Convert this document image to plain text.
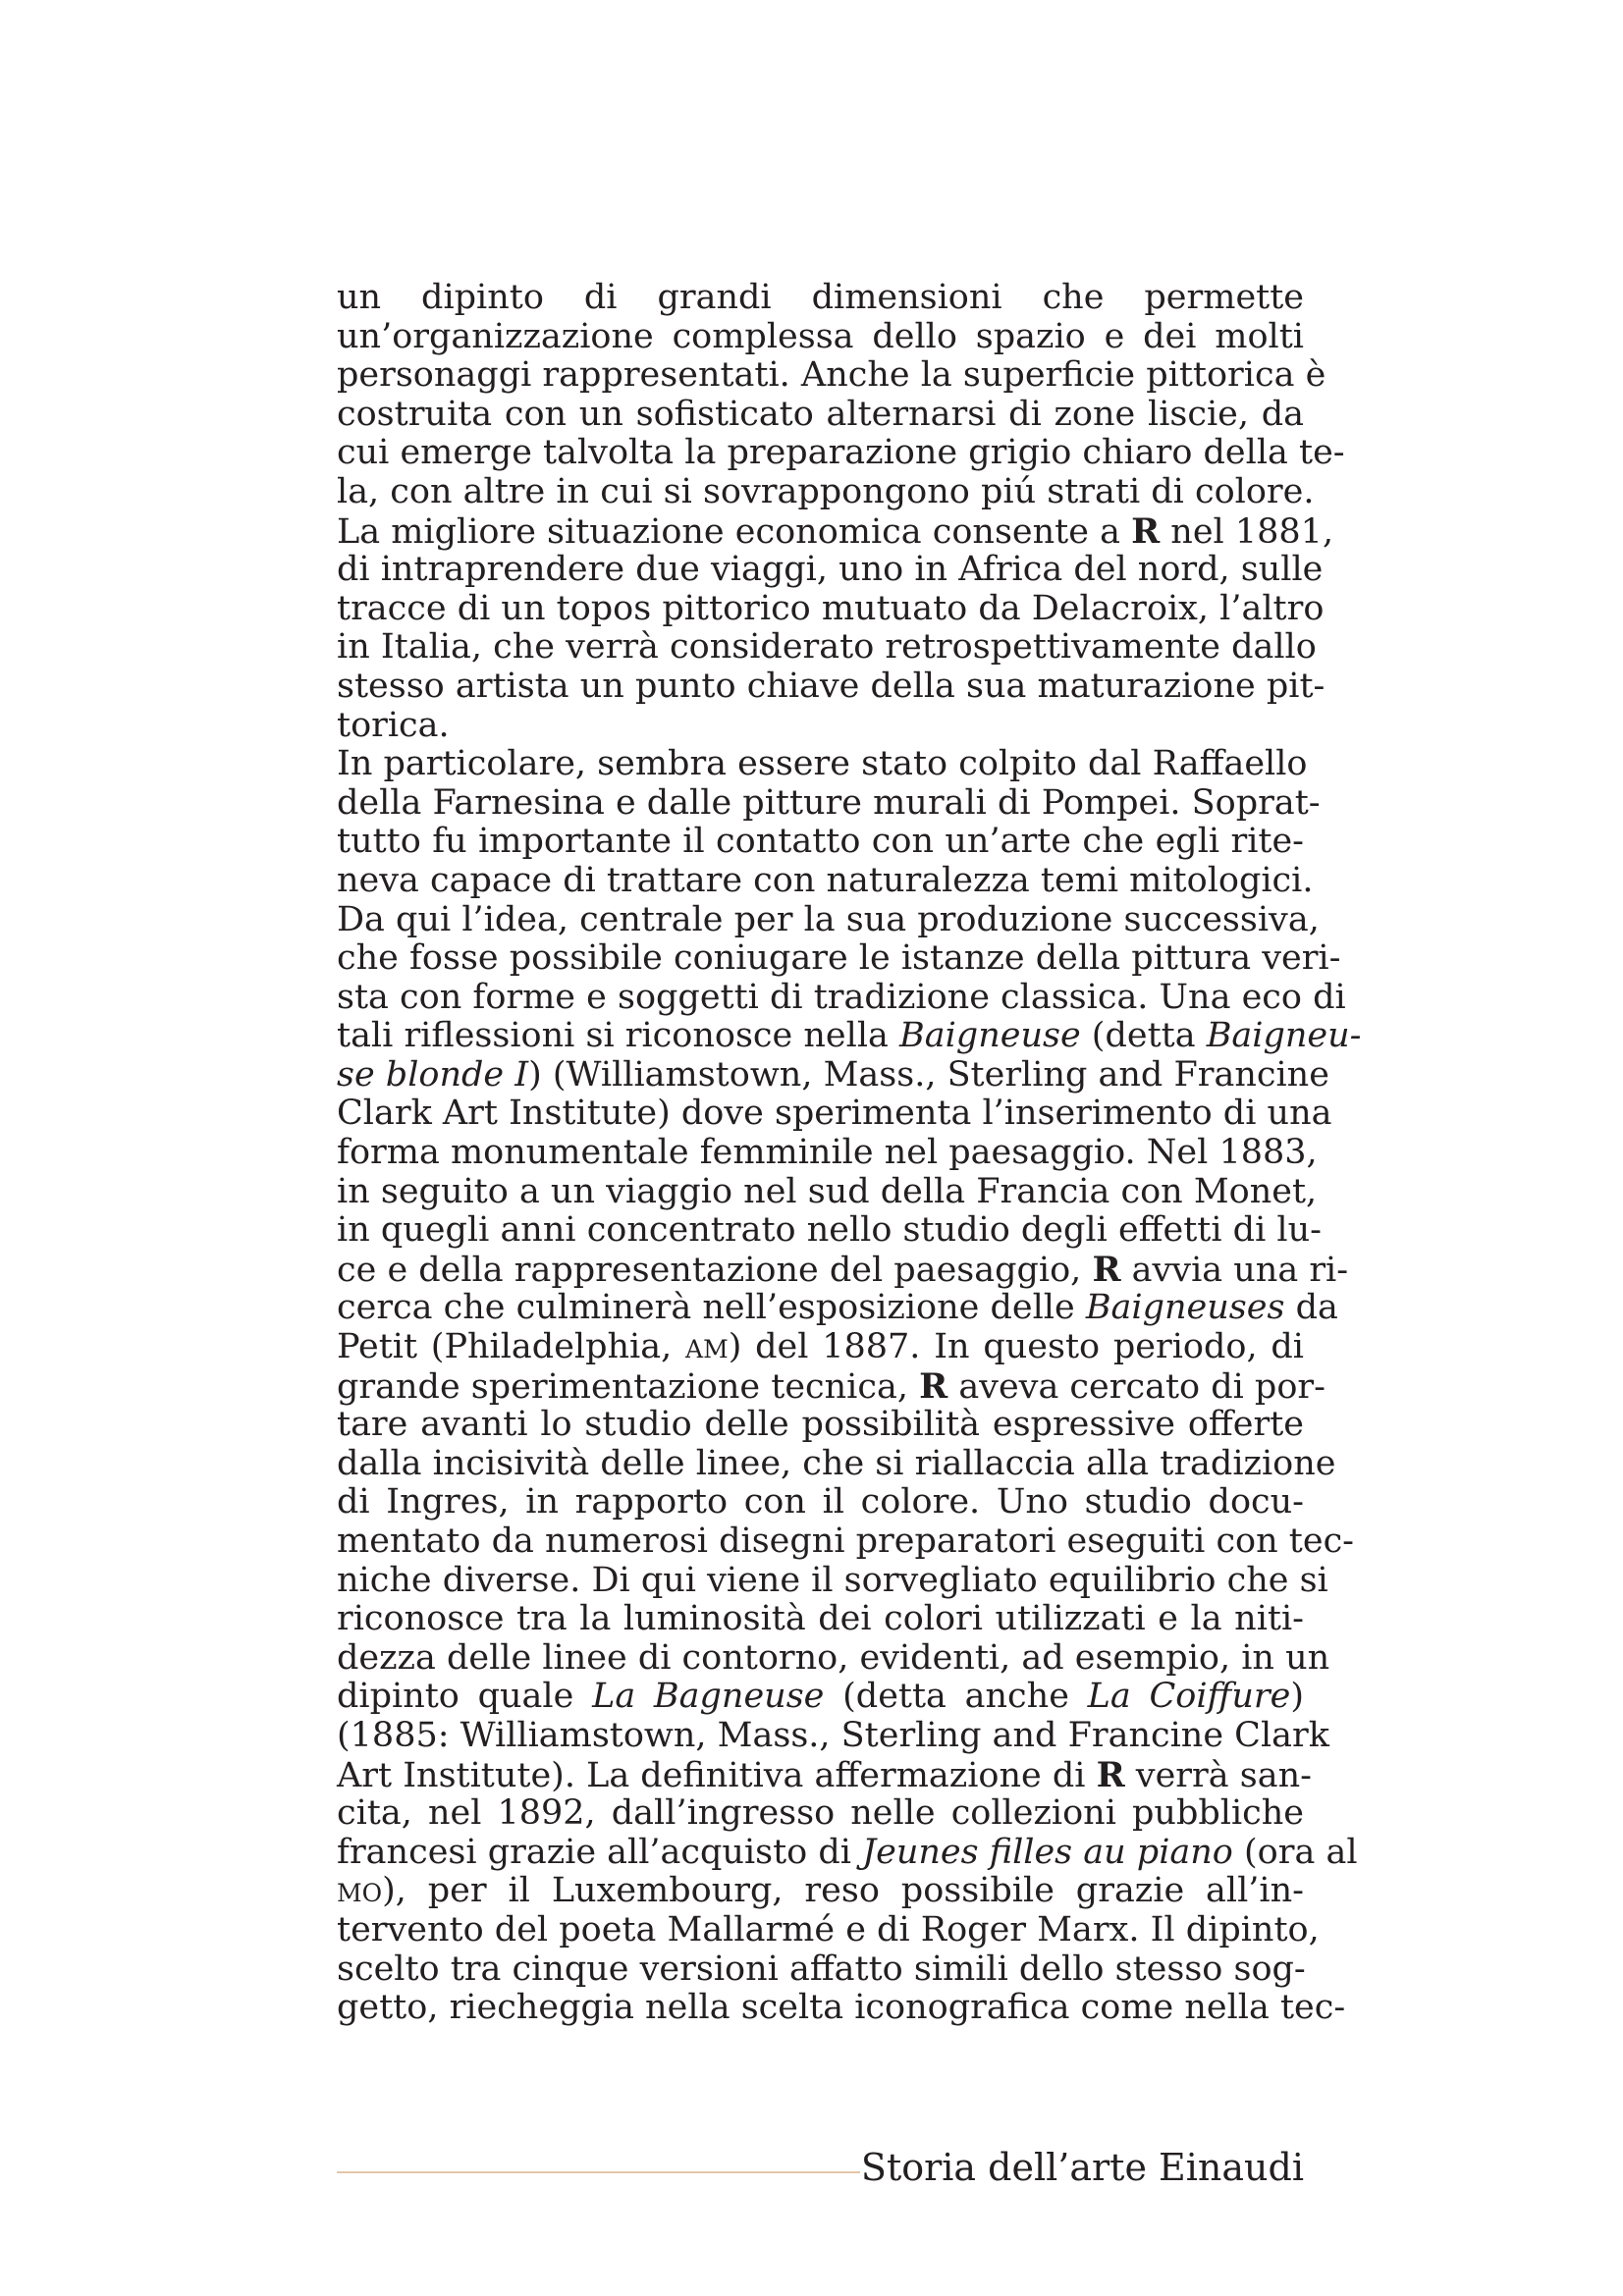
un dipinto di grandi dimensioni che permette
un’organizzazione complessa dello spazio e dei molti
personaggi rappresentati. Anche la superficie pittorica è
costruita con un sofisticato alternarsi di zone liscie, da
cui emerge talvolta la preparazione grigio chiaro della te-
la, con altre in cui si sovrappongono piú strati di colore.
La migliore situazione economica consente a R nel 1881,
di intraprendere due viaggi, uno in Africa del nord, sulle
tracce di un topos pittorico mutuato da Delacroix, l’altro
in Italia, che verrà considerato retrospettivamente dallo
stesso artista un punto chiave della sua maturazione pit-
torica.
In particolare, sembra essere stato colpito dal Raffaello
della Farnesina e dalle pitture murali di Pompei. Soprat-
tutto fu importante il contatto con un’arte che egli rite-
neva capace di trattare con naturalezza temi mitologici.
Da qui l’idea, centrale per la sua produzione successiva,
che fosse possibile coniugare le istanze della pittura veri-
sta con forme e soggetti di tradizione classica. Una eco di
tali riflessioni si riconosce nella Baigneuse (detta Baigneu-
se blonde I) (Williamstown, Mass., Sterling and Francine
Clark Art Institute) dove sperimenta l’inserimento di una
forma monumentale femminile nel paesaggio. Nel 1883,
in seguito a un viaggio nel sud della Francia con Monet,
in quegli anni concentrato nello studio degli effetti di lu-
ce e della rappresentazione del paesaggio, R avvia una ri-
cerca che culminerà nell’esposizione delle Baigneuses da
Petit (Philadelphia, am) del 1887. In questo periodo, di
grande sperimentazione tecnica, R aveva cercato di por-
tare avanti lo studio delle possibilità espressive offerte
dalla incisività delle linee, che si riallaccia alla tradizione
di Ingres, in rapporto con il colore. Uno studio docu-
mentato da numerosi disegni preparatori eseguiti con tec-
niche diverse. Di qui viene il sorvegliato equilibrio che si
riconosce tra la luminosità dei colori utilizzati e la niti-
dezza delle linee di contorno, evidenti, ad esempio, in un
dipinto quale La Bagneuse (detta anche La Coiffure)
(1885: Williamstown, Mass., Sterling and Francine Clark
Art Institute). La definitiva affermazione di R verrà san-
cita, nel 1892, dall’ingresso nelle collezioni pubbliche
francesi grazie all’acquisto di Jeunes filles au piano (ora al
mo), per il Luxembourg, reso possibile grazie all’in-
tervento del poeta Mallarmé e di Roger Marx. Il dipinto,
scelto tra cinque versioni affatto simili dello stesso sog-
getto, riecheggia nella scelta iconografica come nella tec-
Storia dell’arte Einaudi
